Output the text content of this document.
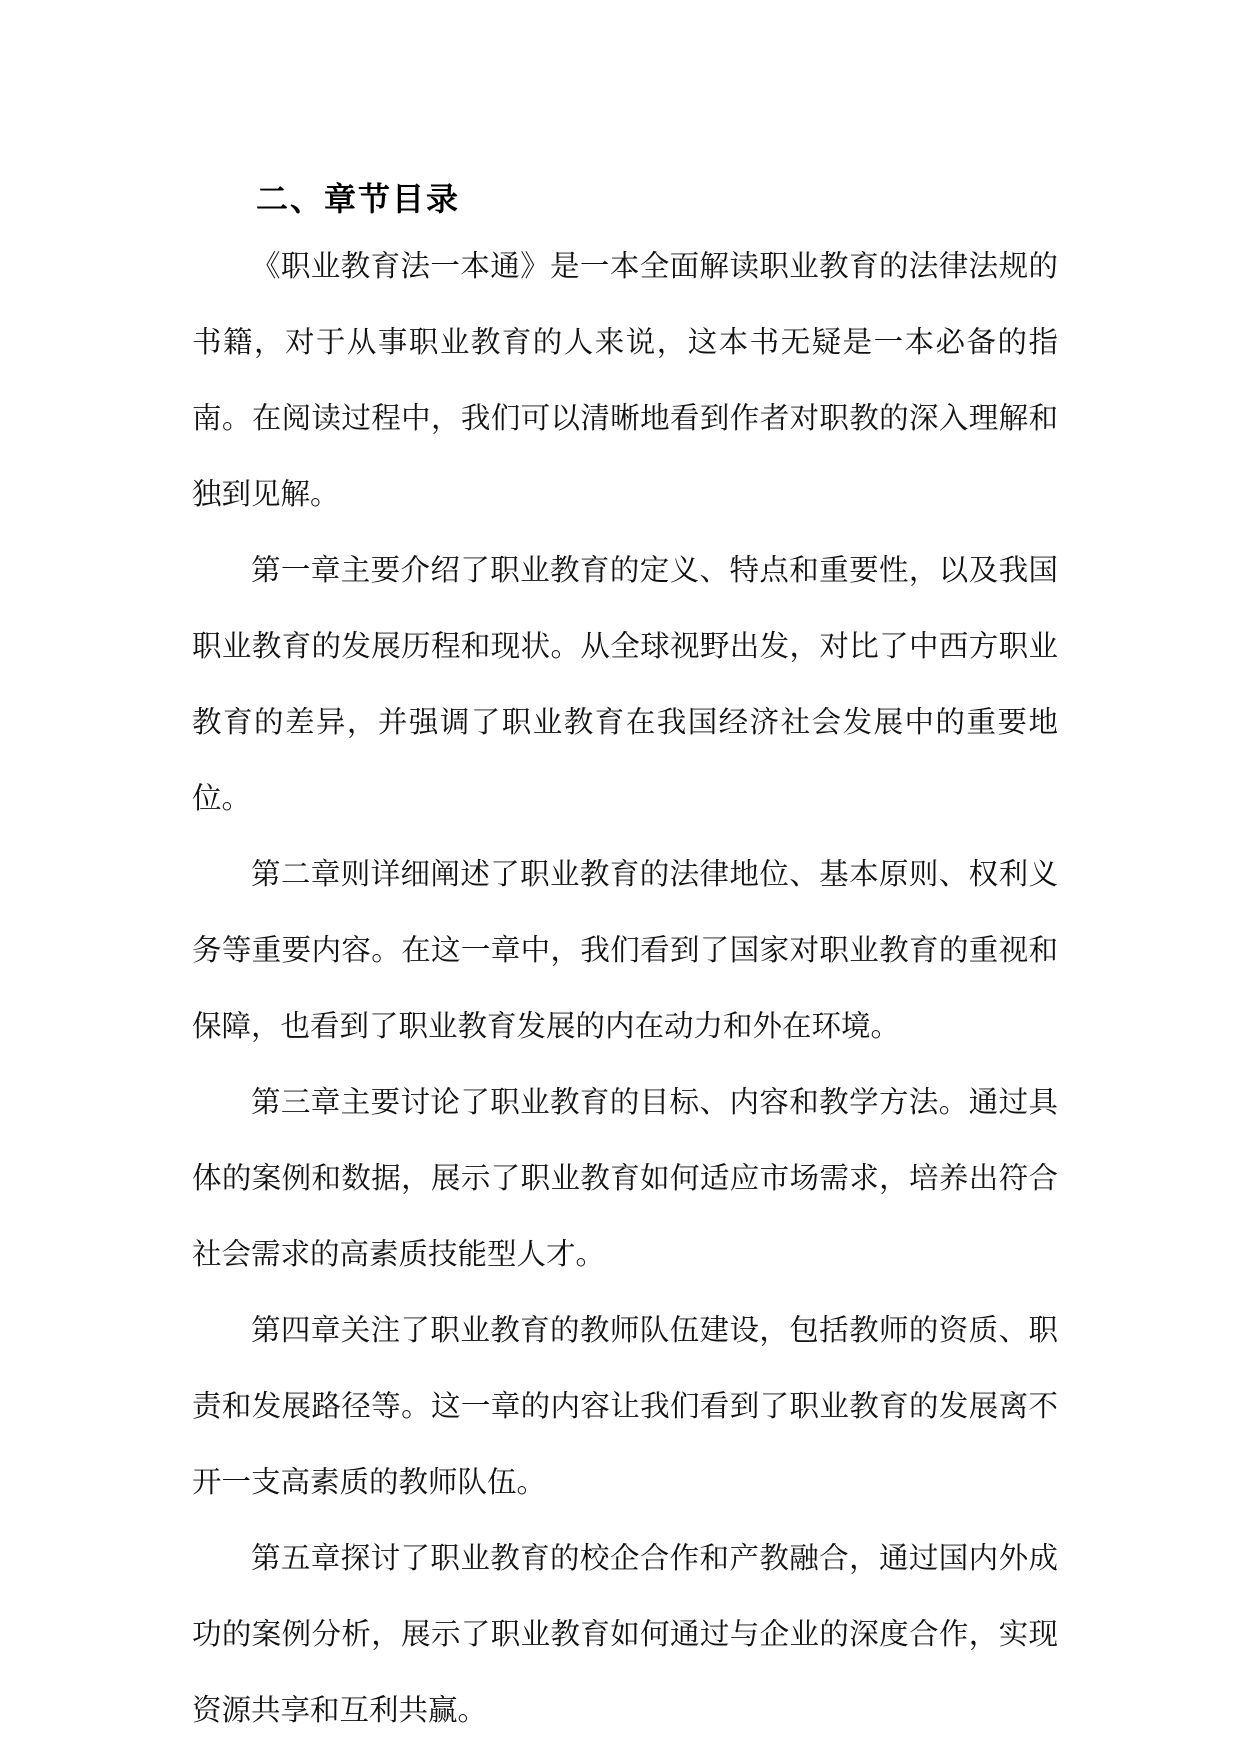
二、章节目录

《职业教育法一本通》是一本全面解读职业教育的法律法规的书籍，对于从事职业教育的人来说，这本书无疑是一本必备的指南。在阅读过程中，我们可以清晰地看到作者对职教的深入理解和独到见解。

第一章主要介绍了职业教育的定义、特点和重要性，以及我国职业教育的发展历程和现状。从全球视野出发，对比了中西方职业教育的差异，并强调了职业教育在我国经济社会发展中的重要地位。

第二章则详细阐述了职业教育的法律地位、基本原则、权利义务等重要内容。在这一章中，我们看到了国家对职业教育的重视和保障，也看到了职业教育发展的内在动力和外在环境。

第三章主要讨论了职业教育的目标、内容和教学方法。通过具体的案例和数据，展示了职业教育如何适应市场需求，培养出符合社会需求的高素质技能型人才。

第四章关注了职业教育的教师队伍建设，包括教师的资质、职责和发展路径等。这一章的内容让我们看到了职业教育的发展离不开一支高素质的教师队伍。

第五章探讨了职业教育的校企合作和产教融合，通过国内外成功的案例分析，展示了职业教育如何通过与企业的深度合作，实现资源共享和互利共赢。
